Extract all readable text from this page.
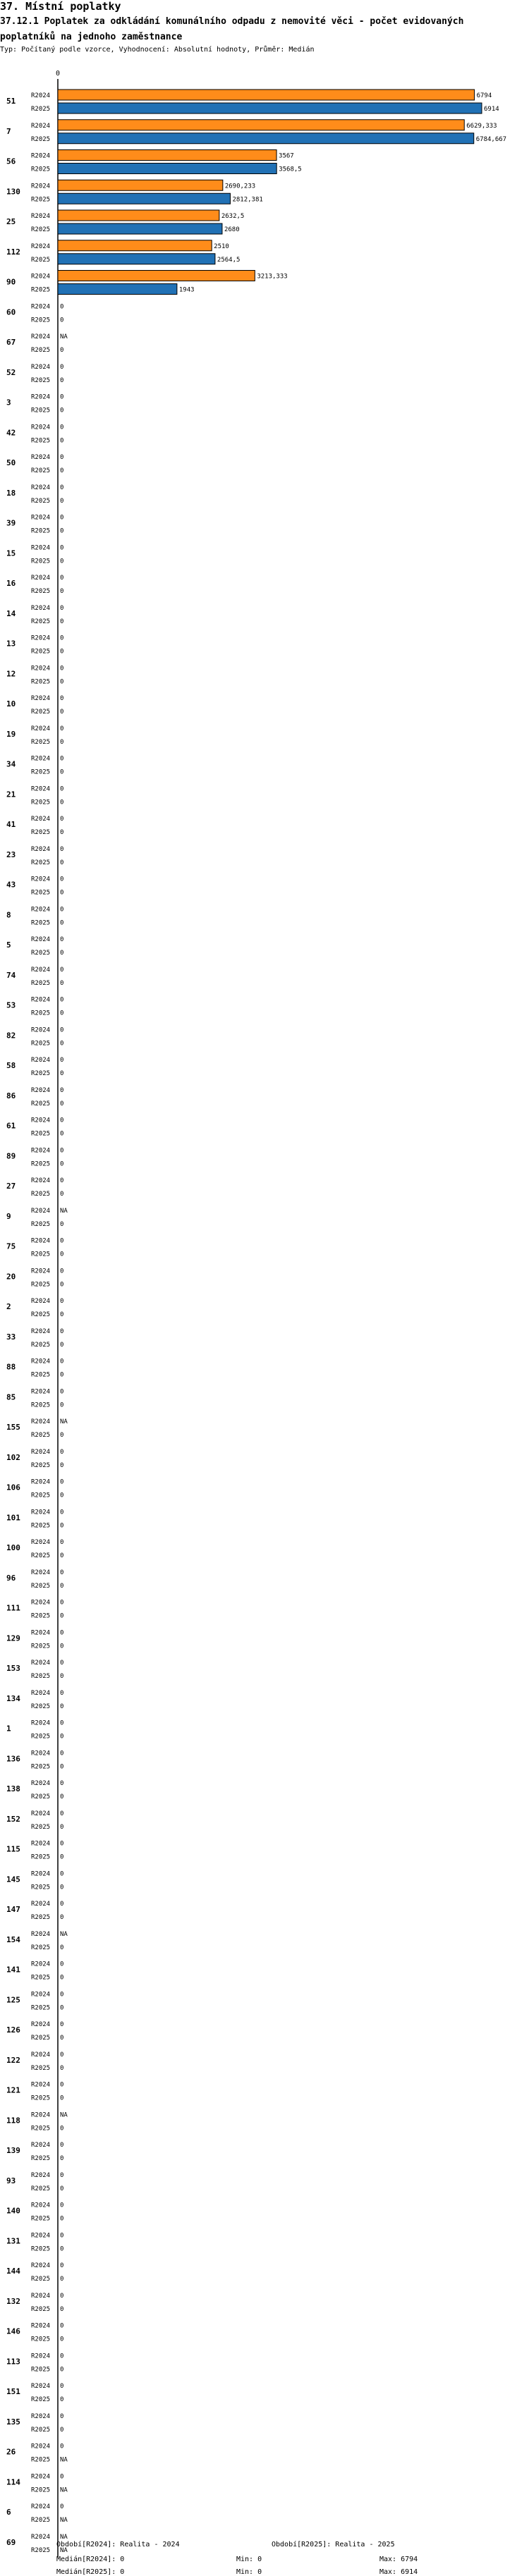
37. Místní poplatky
37.12.1 Poplatek za odkládání komunálního odpadu z nemovité věci - počet evidovaných poplatníků na jednoho zaměstnance
Typ: Počítaný podle vzorce, Vyhodnocení: Absolutní hodnoty, Průměr: Medián
0
51
R2024	6794
R2025	6914
7
R2024	6629,333
R2025	6784,667
56
R2024	3567
R2025	3568,5
130
R2024	2690,233
R2025	2812,381
25
R2024	2632,5
R2025	2680
112
R2024	2510
R2025	2564,5
90
R2024	3213,333
R2025	1943
60
R2024 0
R2025 0
67
R2024 NA
R2025 0
52
R2024 0
R2025 0
3
R2024 0
R2025 0
42
R2024 0
R2025 0
50
R2024 0
R2025 0
18
R2024 0
R2025 0
39
R2024 0
R2025 0
15
R2024 0
R2025 0
16
R2024 0
R2025 0
14
R2024 0
R2025 0
13
R2024 0
R2025 0
12
R2024 0
R2025 0
10
R2024 0
R2025 0
19
R2024 0
R2025 0
34
R2024 0
R2025 0
21
R2024 0
R2025 0
41
R2024 0
R2025 0
23
R2024 0
R2025 0
43
R2024 0
R2025 0
8
R2024 0
R2025 0
5
R2024 0
R2025 0
74
R2024 0
R2025 0
53
R2024 0
R2025 0
82
R2024 0
R2025 0
58
R2024 0
R2025 0
86
R2024 0
R2025 0
61
R2024 0
R2025 0
89
R2024 0
R2025 0
27
R2024 0
R2025 0
9
R2024 NA
R2025 0
75
R2024 0
R2025 0
20
R2024 0
R2025 0
2
R2024 0
R2025 0
33
R2024 0
R2025 0
88
R2024 0
R2025 0
85
R2024 0
R2025 0
155
R2024 NA
R2025 0
102
R2024 0
R2025 0
106
R2024 0
R2025 0
101
R2024 0
R2025 0
100
R2024 0
R2025 0
96
R2024 0
R2025 0
111
R2024 0
R2025 0
129
R2024 0
R2025 0
153
R2024 0
R2025 0
134
R2024 0
R2025 0
1
R2024 0
R2025 0
136
R2024 0
R2025 0
138
R2024 0
R2025 0
152
R2024 0
R2025 0
115
R2024 0
R2025 0
145
R2024 0
R2025 0
147
R2024 0
R2025 0
154
R2024 NA
R2025 0
141
R2024 0
R2025 0
125
R2024 0
R2025 0
126
R2024 0
R2025 0
122
R2024 0
R2025 0
121
R2024 0
R2025 0
118
R2024 NA
R2025 0
139
R2024 0
R2025 0
93
R2024 0
R2025 0
140
R2024 0
R2025 0
131
R2024 0
R2025 0
144
R2024 0
R2025 0
132
R2024 0
R2025 0
146
R2024 0
R2025 0
113
R2024 0
R2025 0
151
R2024 0
R2025 0
135
R2024 0
R2025 0
26
R2024 0
R2025 NA
114
R2024 0
R2025 NA
6
R2024 0
R2025 NA
69
R2024 NA
R2025 NA
Období[R2024]: Realita - 2024	Období[R2025]: Realita - 2025
Medián[R2024]: 0	Min: 0	Max: 6794
Medián[R2025]: 0	Min: 0	Max: 6914
